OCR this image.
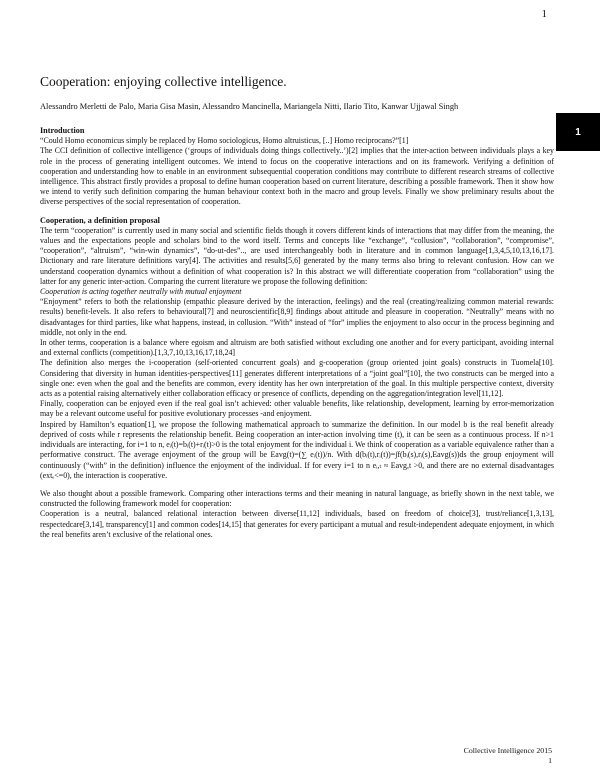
1
1
Cooperation: enjoying collective intelligence.
Alessandro Merletti de Palo, Maria Gisa Masin, Alessandro Mancinella, Mariangela Nitti, Ilario Tito, Kanwar Ujjawal Singh
Introduction

“Could Homo economicus simply be replaced by Homo sociologicus, Homo altruisticus, [..] Homo reciprocans?”[1]

The CCI definition of collective intelligence (‘groups of individuals doing things collectively..’)[2] implies that the inter-action between individuals plays a key role in the process of generating intelligent outcomes. We intend to focus on the cooperative interactions and on its framework. Verifying a definition of cooperation and understanding how to enable in an environment subsequential cooperation conditions may contribute to different research streams of collective intelligence. This abstract firstly provides a proposal to define human cooperation based on current literature, describing a possible framework. Then it show how we intend to verify such definition comparing the human behaviour context both in the macro and group levels. Finally we show preliminary results about the diverse perspectives of the social representation of cooperation.

Cooperation, a definition proposal

The term “cooperation” is currently used in many social and scientific fields though it covers different kinds of interactions that may differ from the meaning, the values and the expectations people and scholars bind to the word itself. Terms and concepts like “exchange”, “collusion”, “collaboration”, “compromise”, “cooperation”, “altruism”, “win-win dynamics”, “do-ut-des”.., are used interchangeably both in literature and in common language[1,3,4,5,10,13,16,17]. Dictionary and rare literature definitions vary[4]. The activities and results[5,6] generated by the many terms also bring to relevant confusion. How can we understand cooperation dynamics without a definition of what cooperation is? In this abstract we will differentiate cooperation from “collaboration” using the latter for any generic inter-action. Comparing the current literature we propose the following definition:

Cooperation is acting together neutrally with mutual enjoyment

“Enjoyment” refers to both the relationship (empathic pleasure derived by the interaction, feelings) and the real (creating/realizing common material rewards: results) benefit-levels. It also refers to behavioural[7] and neuroscientific[8,9] findings about attitude and pleasure in cooperation. “Neutrally” means with no disadvantages for third parties, like what happens, instead, in collusion. “With” instead of “for” implies the enjoyment to also occur in the process beginning and middle, not only in the end.

In other terms, cooperation is a balance where egoism and altruism are both satisfied without excluding one another and for every participant, avoiding internal and external conflicts (competition).[1,3,7,10,13,16,17,18,24]

The definition also merges the i-cooperation (self-oriented concurrent goals) and g-cooperation (group oriented joint goals) constructs in Tuomela[10]. Considering that diversity in human identities-perspectives[11] generates different interpretations of a “joint goal”[10], the two constructs can be merged into a single one: even when the goal and the benefits are common, every identity has her own interpretation of the goal. In this multiple perspective context, diversity acts as a potential raising alternatively either collaboration efficacy or presence of conflicts, depending on the aggregation/integration level[11,12].

Finally, cooperation can be enjoyed even if the real goal isn’t achieved: other valuable benefits, like relationship, development, learning by error-memorization may be a relevant outcome useful for positive evolutionary processes -and enjoyment.

Inspired by Hamilton’s equation[1], we propose the following mathematical approach to summarize the definition. In our model b is the real benefit already deprived of costs while r represents the relationship benefit. Being cooperation an inter-action involving time (t), it can be seen as a continuous process. If n>1 individuals are interacting, for i=1 to n, eᵢ(t)=bᵢ(t)+rᵢ(t)>0 is the total enjoyment for the individual i. We think of cooperation as a variable equivalence rather than a performative construct. The average enjoyment of the group will be Eavg(t)=(∑ eᵢ(t))/n. With d(bᵢ(t),rᵢ(t))=∫f(bᵢ(s),rᵢ(s),Eavg(s))ds the group enjoyment will continuously (“with” in the definition) influence the enjoyment of the individual. If for every i=1 to n eᵢ,ₜ ≈ Eavg,t >0, and there are no external disadvantages (extₑ<=0), the interaction is cooperative.

We also thought about a possible framework. Comparing other interactions terms and their meaning in natural language, as briefly shown in the next table, we constructed the following framework model for cooperation:

Cooperation is a neutral, balanced relational interaction between diverse[11,12] individuals, based on freedom of choice[3], trust/reliance[1,3,13], respectedcare[3,14], transparency[1] and common codes[14,15] that generates for every participant a mutual and result-independent adequate enjoyment, in which the real benefits aren’t exclusive of the relational ones.

Collective Intelligence 2015
1
